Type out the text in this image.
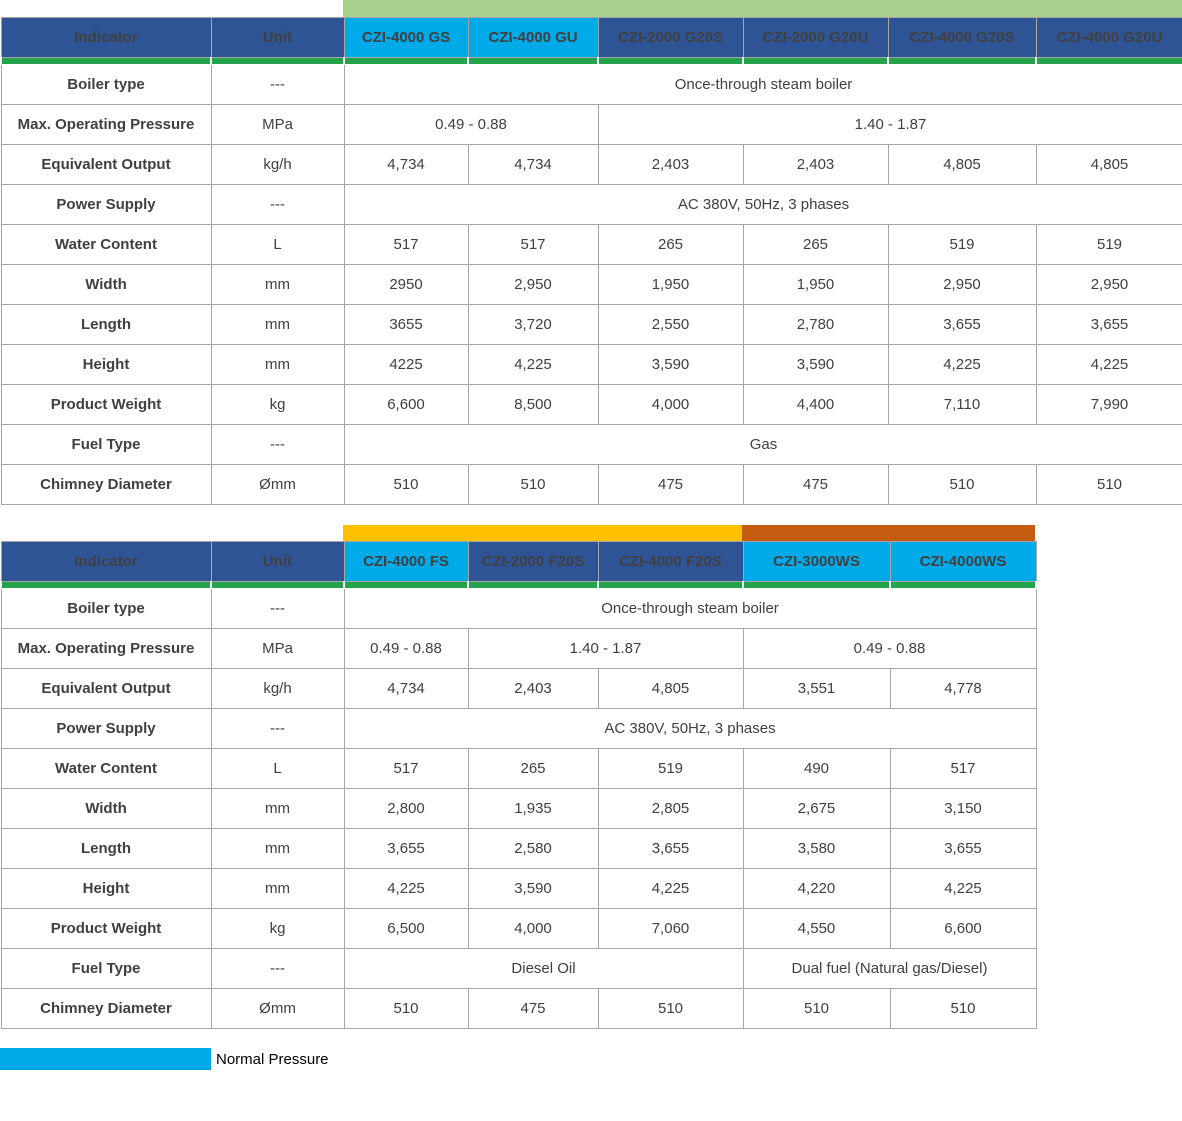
Indicator	Unit	CZI-4000 GS	CZI-4000 GU	CZI-2000 G20S	CZI-2000 G20U	CZI-4000 G20S	CZI-4000 G20U

Boiler type	---	Once-through steam boiler					
Max. Operating Pressure	MPa	0.49 - 0.88		1.40 - 1.87			
Equivalent Output	kg/h	4,734	4,734	2,403	2,403	4,805	4,805
Power Supply	---	AC 380V, 50Hz, 3 phases					
Water Content	L	517	517	265	265	519	519
Width	mm	2950	2,950	1,950	1,950	2,950	2,950
Length	mm	3655	3,720	2,550	2,780	3,655	3,655
Height	mm	4225	4,225	3,590	3,590	4,225	4,225
Product Weight	kg	6,600	8,500	4,000	4,400	7,110	7,990
Fuel Type	---	Gas					
Chimney Diameter	Ømm	510	510	475	475	510	510
Indicator	Unit	CZI-4000 FS	CZI-2000 F20S	CZI-4000 F20S	CZI-3000WS	CZI-4000WS

Boiler type	---	Once-through steam boiler				
Max. Operating Pressure	MPa	0.49 - 0.88	1.40 - 1.87		0.49 - 0.88	
Equivalent Output	kg/h	4,734	2,403	4,805	3,551	4,778
Power Supply	---	AC 380V, 50Hz, 3 phases				
Water Content	L	517	265	519	490	517
Width	mm	2,800	1,935	2,805	2,675	3,150
Length	mm	3,655	2,580	3,655	3,580	3,655
Height	mm	4,225	3,590	4,225	4,220	4,225
Product Weight	kg	6,500	4,000	7,060	4,550	6,600
Fuel Type	---	Diesel Oil			Dual fuel (Natural gas/Diesel)	
Chimney Diameter	Ømm	510	475	510	510	510
Normal Pressure
